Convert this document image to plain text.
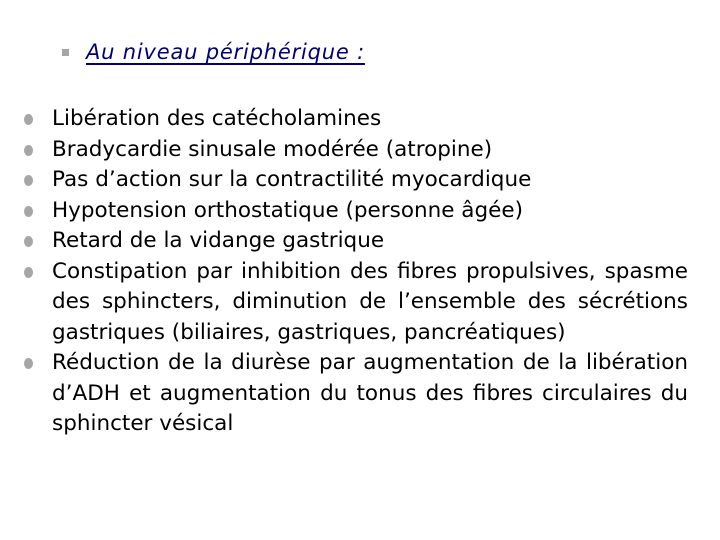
Au niveau périphérique :
Libération des catécholamines
Bradycardie sinusale modérée (atropine)
Pas d’action sur la contractilité myocardique
Hypotension orthostatique (personne âgée)
Retard de la vidange gastrique
Constipation par inhibition des fibres propulsives, spasme des sphincters, diminution de l’ensemble des sécrétions gastriques (biliaires, gastriques, pancréatiques)
Réduction de la diurèse par augmentation de la libération d’ADH et augmentation du tonus des fibres circulaires du sphincter vésical
